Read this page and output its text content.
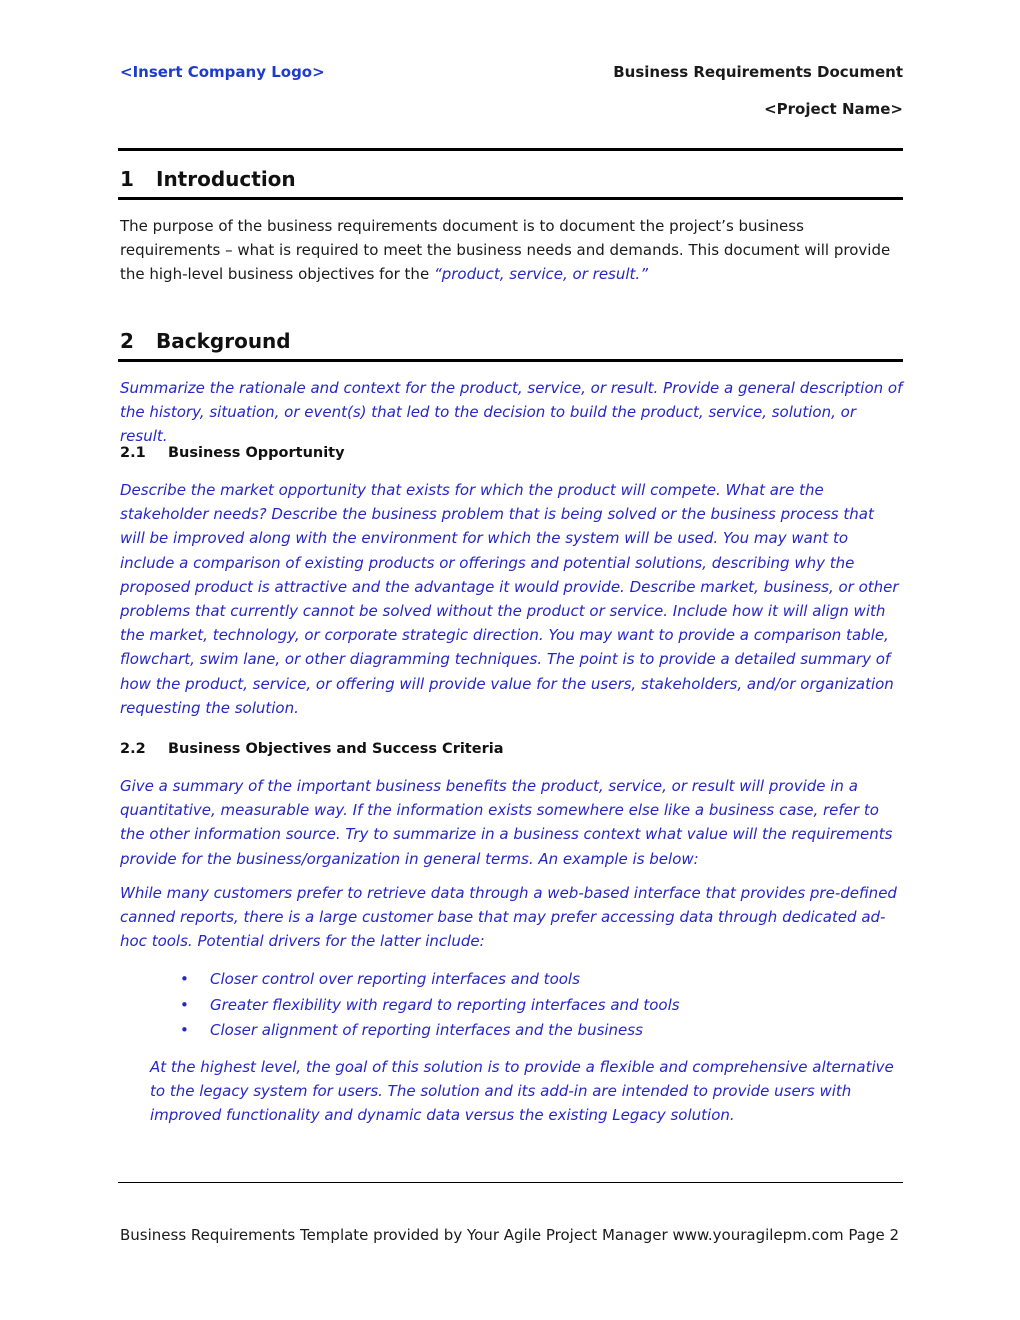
<Insert Company Logo>	Business Requirements Document
<Project Name>
1 Introduction
The purpose of the business requirements document is to document the project’s business requirements – what is required to meet the business needs and demands. This document will provide the high-level business objectives for the “product, service, or result.”
2 Background
Summarize the rationale and context for the product, service, or result. Provide a general description of the history, situation, or event(s) that led to the decision to build the product, service, solution, or result.
2.1 Business Opportunity
Describe the market opportunity that exists for which the product will compete. What are the stakeholder needs? Describe the business problem that is being solved or the business process that will be improved along with the environment for which the system will be used. You may want to include a comparison of existing products or offerings and potential solutions, describing why the proposed product is attractive and the advantage it would provide. Describe market, business, or other problems that currently cannot be solved without the product or service. Include how it will align with the market, technology, or corporate strategic direction. You may want to provide a comparison table, flowchart, swim lane, or other diagramming techniques. The point is to provide a detailed summary of how the product, service, or offering will provide value for the users, stakeholders, and/or organization requesting the solution.
2.2 Business Objectives and Success Criteria
Give a summary of the important business benefits the product, service, or result will provide in a quantitative, measurable way. If the information exists somewhere else like a business case, refer to the other information source. Try to summarize in a business context what value will the requirements provide for the business/organization in general terms. An example is below:
While many customers prefer to retrieve data through a web-based interface that provides pre-defined canned reports, there is a large customer base that may prefer accessing data through dedicated ad-hoc tools. Potential drivers for the latter include:
• Closer control over reporting interfaces and tools
• Greater flexibility with regard to reporting interfaces and tools
• Closer alignment of reporting interfaces and the business
At the highest level, the goal of this solution is to provide a flexible and comprehensive alternative to the legacy system for users. The solution and its add-in are intended to provide users with improved functionality and dynamic data versus the existing Legacy solution.
Business Requirements Template provided by Your Agile Project Manager www.youragilepm.com Page 2
